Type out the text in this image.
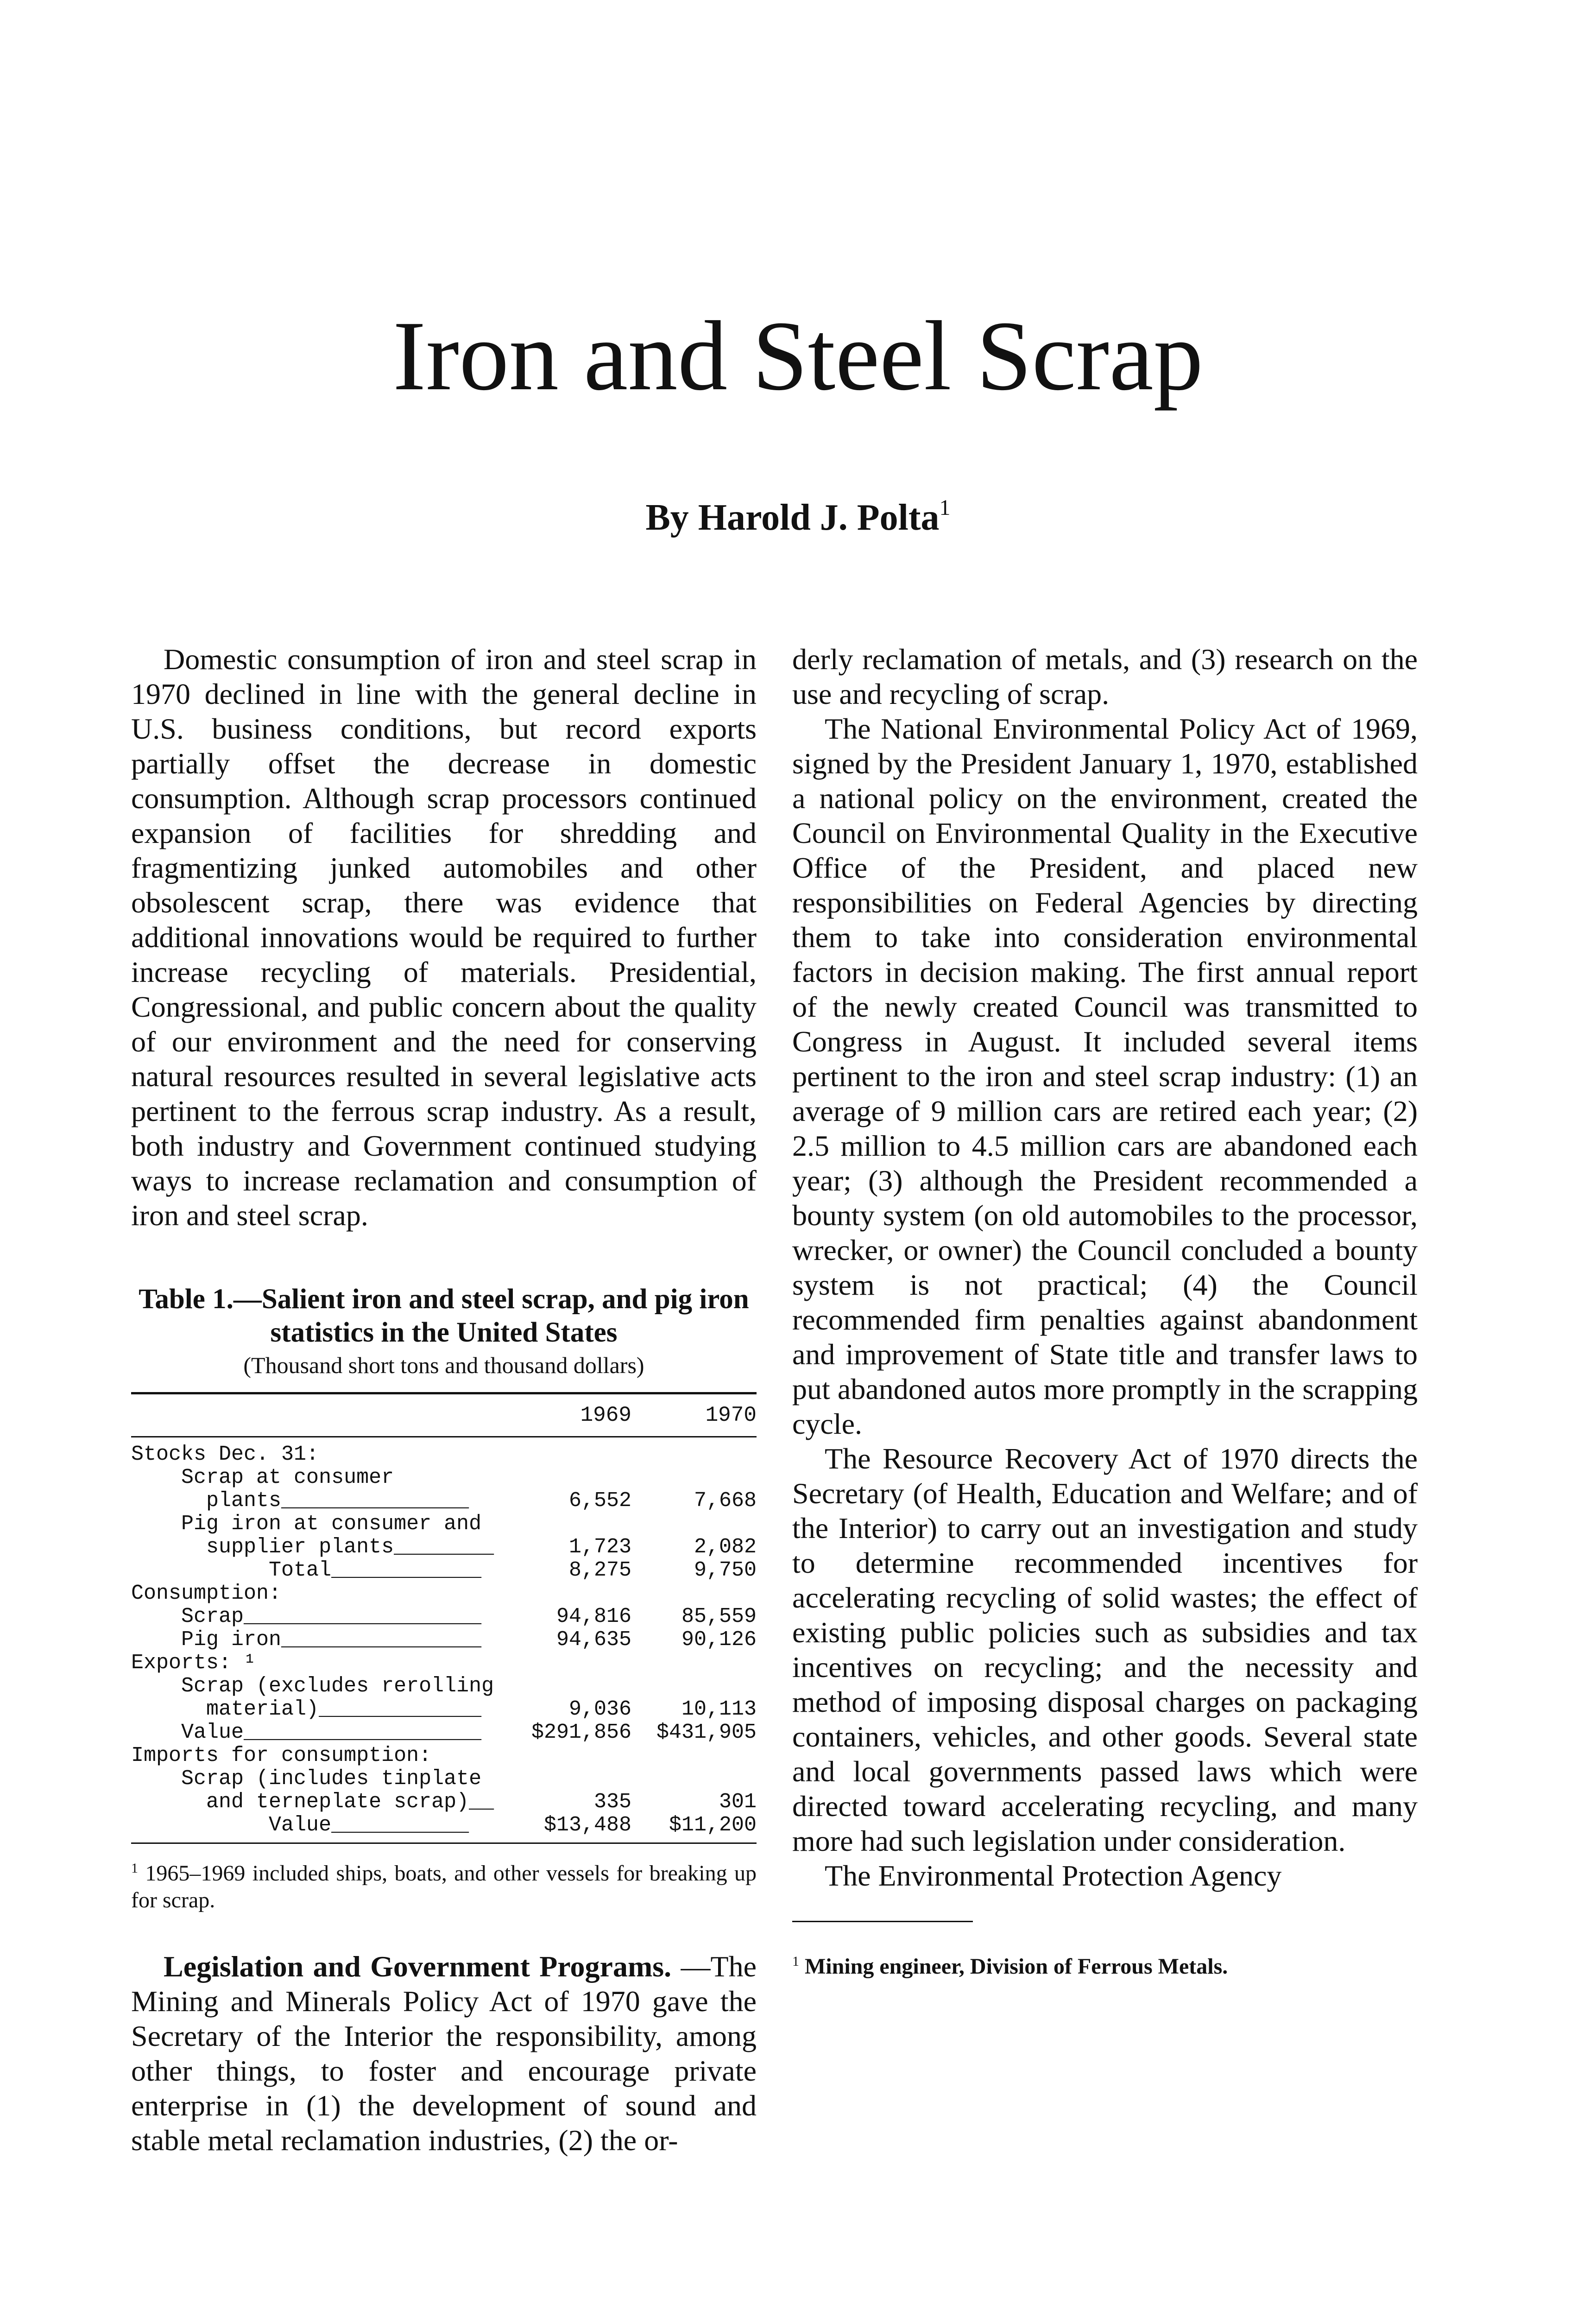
Iron and Steel Scrap
By Harold J. Polta$^1$

Domestic consumption of iron and steel scrap in 1970 declined in line with the general decline in U.S. business conditions, but record exports partially offset the decrease in domestic consumption. Although scrap processors continued expansion of facilities for shredding and fragmentizing junked automobiles and other obsolescent scrap, there was evidence that additional innovations would be required to further increase recycling of materials. Presidential, Congressional, and public concern about the quality of our environment and the need for conserving natural resources resulted in several legislative acts pertinent to the ferrous scrap industry. As a result, both industry and Government continued studying ways to increase reclamation and consumption of iron and steel scrap.

Table 1.—Salient iron and steel scrap, and pig iron statistics in the United States

(Thousand short tons and thousand dollars)

1969	1970
Stocks Dec. 31:
Scrap at consumer
plants_______________	6,552	7,668
Pig iron at consumer and
supplier plants________	1,723	2,082
Total____________	8,275	9,750
Consumption:
Scrap___________________	94,816	85,559
Pig iron________________	94,635	90,126
Exports: ¹
Scrap (excludes rerolling
material)_____________	9,036	10,113
Value___________________	$291,856	$431,905
Imports for consumption:
Scrap (includes tinplate
and terneplate scrap)__	335	301
Value___________	$13,488	$11,200

$^1$ 1965–1969 included ships, boats, and other vessels for breaking up for scrap.

Legislation and Government Programs. —The Mining and Minerals Policy Act of 1970 gave the Secretary of the Interior the responsibility, among other things, to foster and encourage private enterprise in (1) the development of sound and stable metal reclamation industries, (2) the or-

derly reclamation of metals, and (3) research on the use and recycling of scrap.

The National Environmental Policy Act of 1969, signed by the President January 1, 1970, established a national policy on the environment, created the Council on Environmental Quality in the Executive Office of the President, and placed new responsibilities on Federal Agencies by directing them to take into consideration environmental factors in decision making. The first annual report of the newly created Council was transmitted to Congress in August. It included several items pertinent to the iron and steel scrap industry: (1) an average of 9 million cars are retired each year; (2) 2.5 million to 4.5 million cars are abandoned each year; (3) although the President recommended a bounty system (on old automobiles to the processor, wrecker, or owner) the Council concluded a bounty system is not practical; (4) the Council recommended firm penalties against abandonment and improvement of State title and transfer laws to put abandoned autos more promptly in the scrapping cycle.

The Resource Recovery Act of 1970 directs the Secretary (of Health, Education and Welfare; and of the Interior) to carry out an investigation and study to determine recommended incentives for accelerating recycling of solid wastes; the effect of existing public policies such as subsidies and tax incentives on recycling; and the necessity and method of imposing disposal charges on packaging containers, vehicles, and other goods. Several state and local governments passed laws which were directed toward accelerating recycling, and many more had such legislation under consideration.

The Environmental Protection Agency

$^1$ Mining engineer, Division of Ferrous Metals.
